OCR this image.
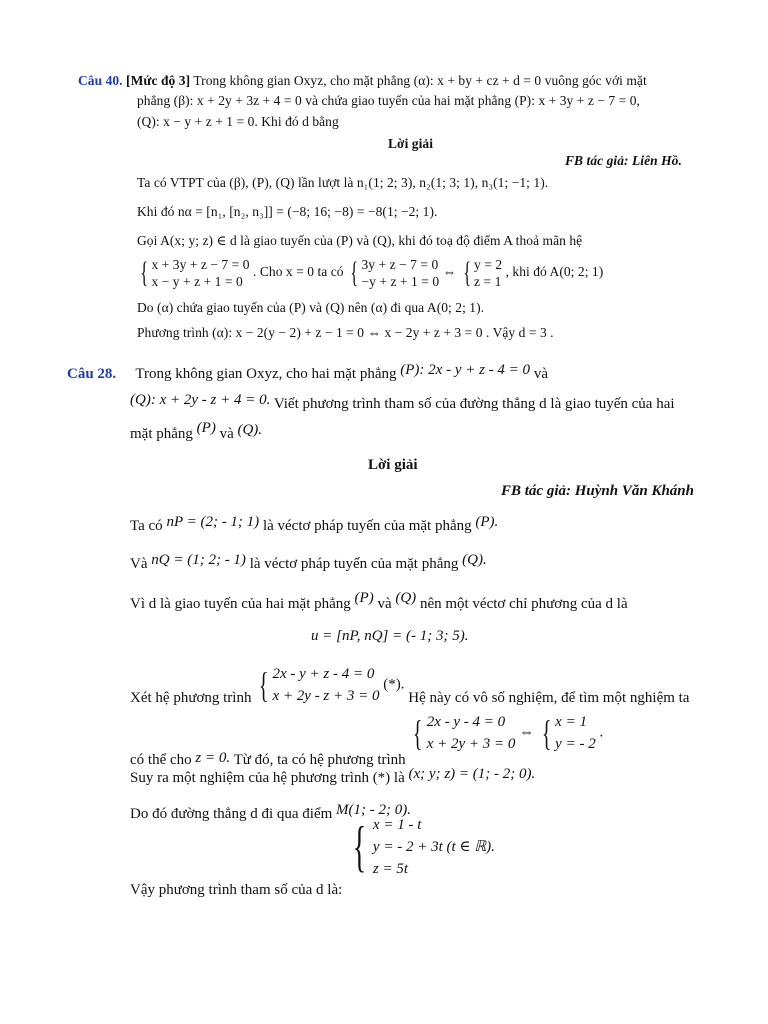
Câu 40. [Mức độ 3] Trong không gian Oxyz, cho mặt phẳng (α): x + by + cz + d = 0 vuông góc với mặt
phẳng (β): x + 2y + 3z + 4 = 0 và chứa giao tuyến của hai mặt phẳng (P): x + 3y + z − 7 = 0,
(Q): x − y + z + 1 = 0. Khi đó d bằng
Lời giải
FB tác giả: Liên Hồ.
Ta có VTPT của (β), (P), (Q) lần lượt là n₁(1; 2; 3), n₂(1; 3; 1), n₃(1; −1; 1).
Khi đó nα = [n₁, [n₂, n₃]] = (−8; 16; −8) = −8(1; −2; 1).
Gọi A(x; y; z) ∈ d là giao tuyến của (P) và (Q), khi đó toạ độ điểm A thoả mãn hệ
{ x + 3y + z − 7 = 0
x − y + z + 1 = 0
. Cho x = 0 ta có { 3y + z − 7 = 0
−y + z + 1 = 0
⇔ { y = 2
z = 1
, khi đó A(0; 2; 1)
Do (α) chứa giao tuyến của (P) và (Q) nên (α) đi qua A(0; 2; 1).
Phương trình (α): x − 2(y − 2) + z − 1 = 0 ⇔ x − 2y + z + 3 = 0 . Vậy d = 3 .
Câu 28. Trong không gian Oxyz, cho hai mặt phẳng (P): 2x - y + z - 4 = 0 và
(Q): x + 2y - z + 4 = 0. Viết phương trình tham số của đường thẳng d là giao tuyến của hai
mặt phẳng (P) và (Q).
Lời giải
FB tác giả: Huỳnh Văn Khánh
Ta có nP = (2; - 1; 1) là véctơ pháp tuyến của mặt phẳng (P).
Và nQ = (1; 2; - 1) là véctơ pháp tuyến của mặt phẳng (Q).
Vì d là giao tuyến của hai mặt phẳng (P) và (Q) nên một véctơ chỉ phương của d là
u = [nP, nQ] = (- 1; 3; 5).
Xét hệ phương trình { 2x - y + z - 4 = 0
x + 2y - z + 3 = 0
(*). Hệ này có vô số nghiệm, để tìm một nghiệm ta
có thể cho z = 0. Từ đó, ta có hệ phương trình
{ 2x - y - 4 = 0
x + 2y + 3 = 0
⇔ { x = 1
y = - 2
.
Suy ra một nghiệm của hệ phương trình (*) là (x; y; z) = (1; - 2; 0).
Do đó đường thẳng d đi qua điểm M(1; - 2; 0).
Vậy phương trình tham số của d là:
{ x = 1 - t
y = - 2 + 3t (t ∈ ℝ).
z = 5t
